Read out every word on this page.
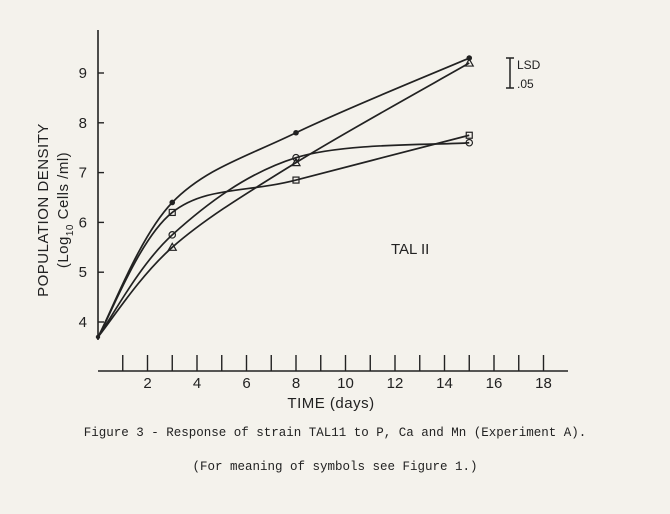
4
5
6
7
8
9
2	4	6	8 10 12 14 16 18
POPULATION DENSITY (Log$_{10}$ Cells /ml)
TIME (days)
TAL II
LSD
.05
Figure 3 - Response of strain TAL11 to P, Ca and Mn (Experiment A).
(For meaning of symbols see Figure 1.)
